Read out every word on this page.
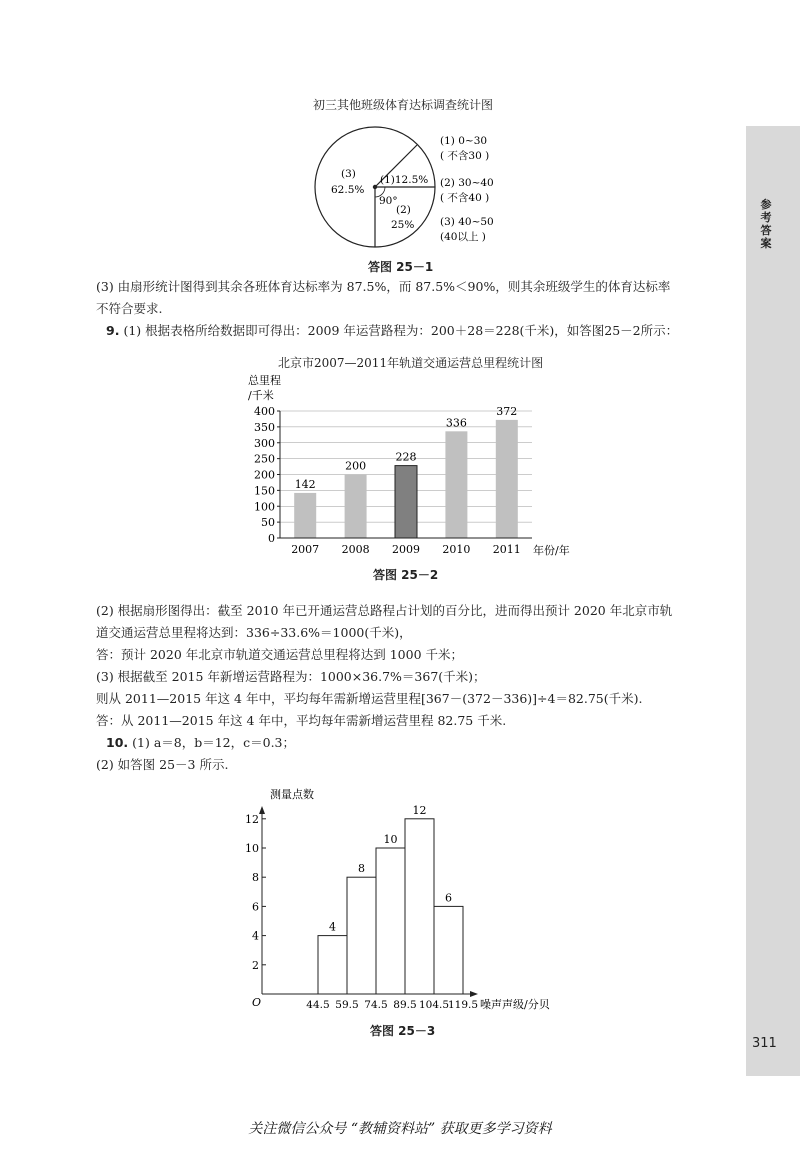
参考答案
初三其他班级体育达标调查统计图
(1)12.5%
90°
(2)
25%
(3)
62.5%
(1) 0~30
( 不含30 )
(2) 30~40
( 不含40 )
(3) 40~50
(40以上 )
答图 25－1
(3) 由扇形统计图得到其余各班体育达标率为 87.5%，而 87.5%＜90%，则其余班级学生的体育达标率
不符合要求.
9. (1) 根据表格所给数据即可得出：2009 年运营路程为：200＋28＝228(千米)，如答图25－2所示：
北京市2007—2011年轨道交通运营总里程统计图
总里程
/千米
0
50
100
150
200
250
300
350
400
142
2007
200
2008
228
2009
336
2010
372
2011 年份/年
答图 25－2
(2) 根据扇形图得出：截至 2010 年已开通运营总路程占计划的百分比，进而得出预计 2020 年北京市轨
道交通运营总里程将达到：336÷33.6%＝1000(千米)，
答：预计 2020 年北京市轨道交通运营总里程将达到 1000 千米；
(3) 根据截至 2015 年新增运营路程为：1000×36.7%＝367(千米)；
则从 2011—2015 年这 4 年中，平均每年需新增运营里程[367－(372－336)]÷4＝82.75(千米).
答：从 2011—2015 年这 4 年中，平均每年需新增运营里程 82.75 千米.
10. (1) a＝8，b＝12，c＝0.3；
(2) 如答图 25－3 所示.
测量点数
2
4
6
8
10
12
44.5 59.5 74.5 89.5 104.5
119.5
4
8
10
12
6
O	噪声声级/分贝
答图 25－3
311
关注微信公众号 “教辅资料站” 获取更多学习资料
